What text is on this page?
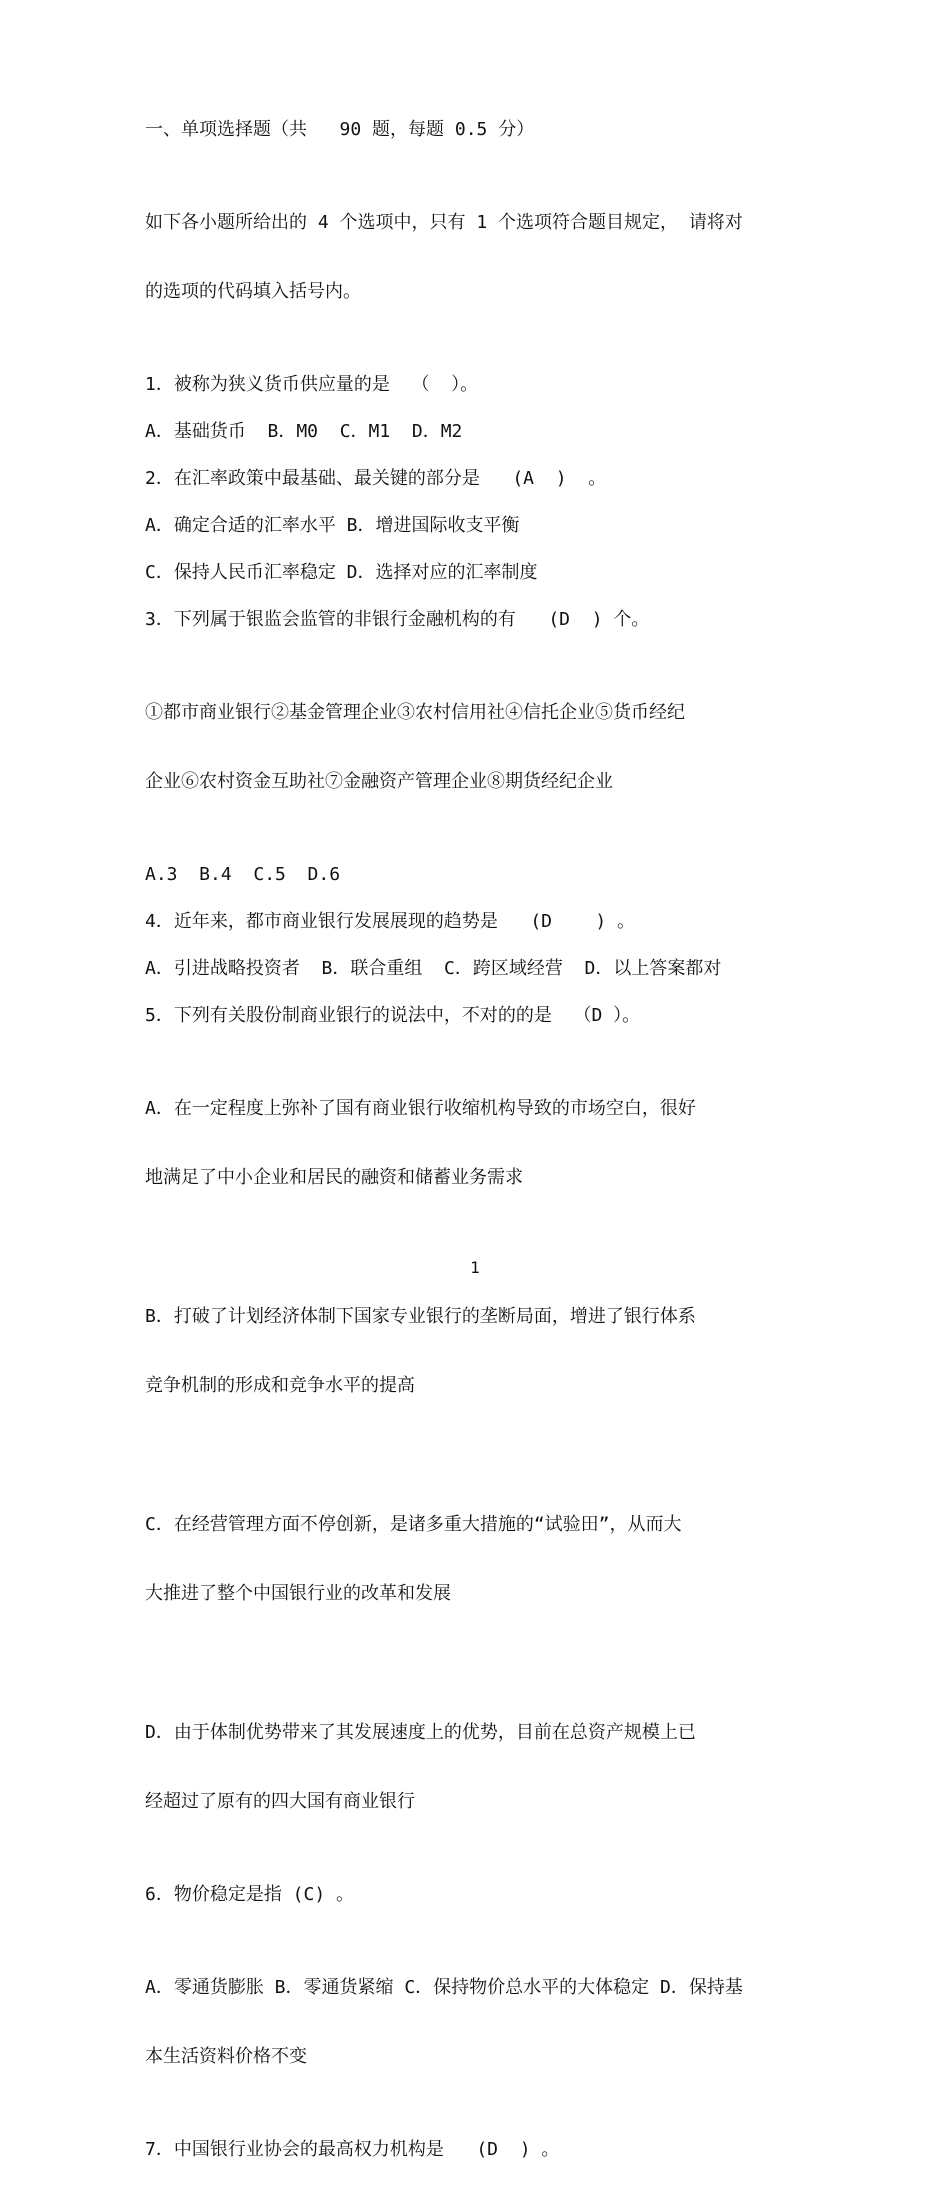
一、单项选择题（共   90 题，每题 0.5 分）

如下各小题所给出的 4 个选项中，只有 1 个选项符合题目规定， 请将对

的选项的代码填入括号内。

1．被称为狭义货币供应量的是  （  ）。

A．基础货币  B．M0  C．M1  D．M2

2．在汇率政策中最基础、最关键的部分是   (A  )  。

A．确定合适的汇率水平 B．增进国际收支平衡

C．保持人民币汇率稳定 D．选择对应的汇率制度

3．下列属于银监会监管的非银行金融机构的有   (D  ) 个。

①都市商业银行②基金管理企业③农村信用社④信托企业⑤货币经纪

企业⑥农村资金互助社⑦金融资产管理企业⑧期货经纪企业

A.3  B.4  C.5  D.6

4．近年来，都市商业银行发展展现的趋势是   (D    ) 。

A．引进战略投资者  B．联合重组  C．跨区域经营  D．以上答案都对

5．下列有关股份制商业银行的说法中，不对的的是  （D ）。

A．在一定程度上弥补了国有商业银行收缩机构导致的市场空白，很好

地满足了中小企业和居民的融资和储蓄业务需求

B．打破了计划经济体制下国家专业银行的垄断局面，增进了银行体系

竞争机制的形成和竞争水平的提高

C．在经营管理方面不停创新，是诸多重大措施的“试验田”，从而大

大推进了整个中国银行业的改革和发展

D．由于体制优势带来了其发展速度上的优势，目前在总资产规模上已

经超过了原有的四大国有商业银行

6．物价稳定是指 (C) 。

A．零通货膨胀 B．零通货紧缩 C．保持物价总水平的大体稳定 D．保持基

本生活资料价格不变

7．中国银行业协会的最高权力机构是   (D  ) 。

1
